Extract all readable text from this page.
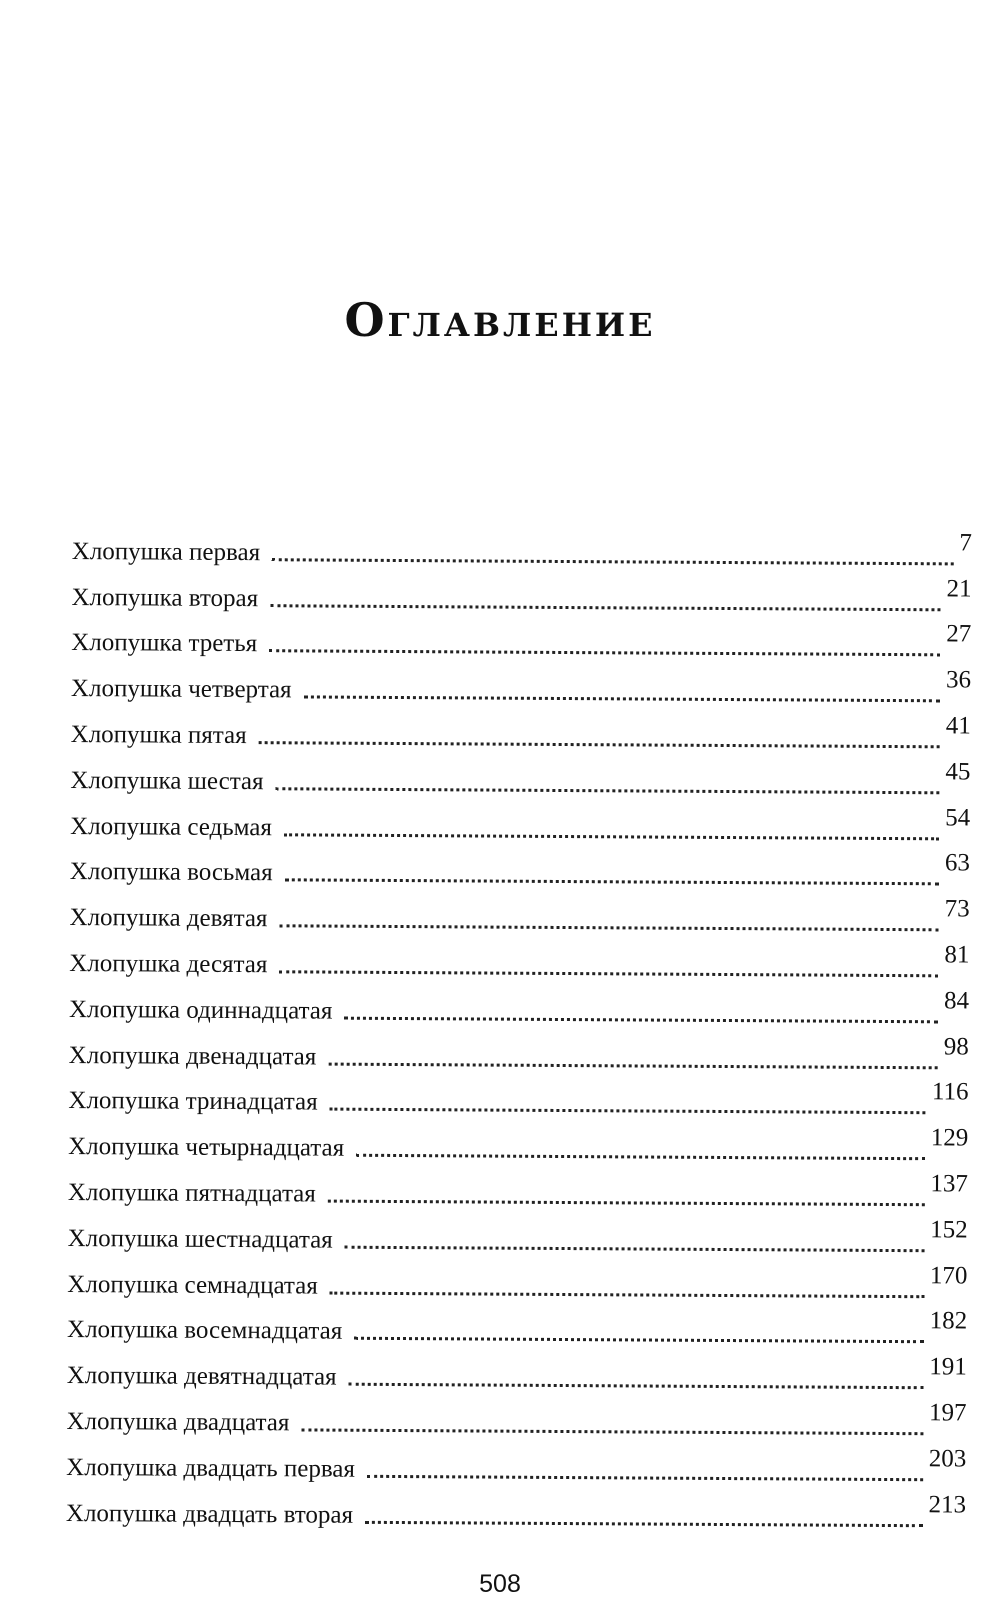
Оглавление
Хлопушка первая	7
Хлопушка вторая	21
Хлопушка третья	27
Хлопушка четвертая	36
Хлопушка пятая	41
Хлопушка шестая	45
Хлопушка седьмая	54
Хлопушка восьмая	63
Хлопушка девятая	73
Хлопушка десятая	81
Хлопушка одиннадцатая	84
Хлопушка двенадцатая	98
Хлопушка тринадцатая	116
Хлопушка четырнадцатая	129
Хлопушка пятнадцатая	137
Хлопушка шестнадцатая	152
Хлопушка семнадцатая	170
Хлопушка восемнадцатая	182
Хлопушка девятнадцатая	191
Хлопушка двадцатая	197
Хлопушка двадцать первая	203
Хлопушка двадцать вторая	213
508
